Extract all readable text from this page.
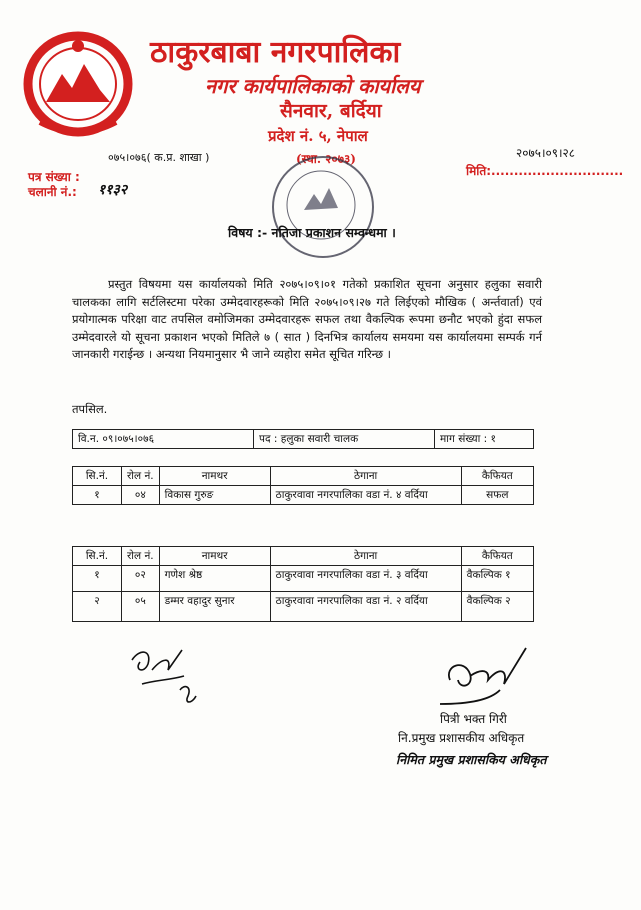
ठाकुरबाबा नगरपालिका
नगर कार्यपालिकाको कार्यालय
सैनवार, बर्दिया
प्रदेश नं. ५, नेपाल
(स्था. २०७३)
०७५।०७६( क.प्र. शाखा )
पत्र संख्या :
चलानी नं.: ११३२
२०७५।०९।२८
मिति:.............................
विषय :- नतिजा प्रकाशन सम्वन्धमा ।
प्रस्तुत विषयमा यस कार्यालयको मिति २०७५।०९।०१ गतेको प्रकाशित सूचना अनुसार हलुका सवारी चालकका लागि सर्टलिस्टमा परेका उम्मेदवारहरूको मिति २०७५।०९।२७ गते लिईएको मौखिक ( अर्न्तवार्ता) एवं प्रयोगात्मक परिक्षा वाट तपसिल वमोजिमका उम्मेदवारहरू सफल तथा वैकल्पिक रूपमा छनौट भएको हुंदा सफल उम्मेदवारले यो सूचना प्रकाशन भएको मितिले ७ ( सात ) दिनभित्र कार्यालय समयमा यस कार्यालयमा सम्पर्क गर्न जानकारी गराईन्छ । अन्यथा नियमानुसार भै जाने व्यहोरा समेत सूचित गरिन्छ ।
तपसिल.
वि.न. ०९।०७५।०७६	पद : हलुका सवारी चालक	माग संख्या : १
सि.नं.	रोल नं.	नामथर	ठेगाना	कैफियत
१	०४	विकास गुरुङ	ठाकुरवावा नगरपालिका वडा नं. ४ वर्दिया	सफल
सि.नं.	रोल नं.	नामथर	ठेगाना	कैफियत
१	०२	गणेश श्रेष्ठ	ठाकुरवावा नगरपालिका वडा नं. ३ वर्दिया	वैकल्पिक १
२	०५	डम्मर वहादुर सुनार	ठाकुरवावा नगरपालिका वडा नं. २ वर्दिया	वैकल्पिक २
पित्री भक्त गिरी
नि.प्रमुख प्रशासकीय अधिकृत
निमित प्रमुख प्रशासकिय अधिकृत
